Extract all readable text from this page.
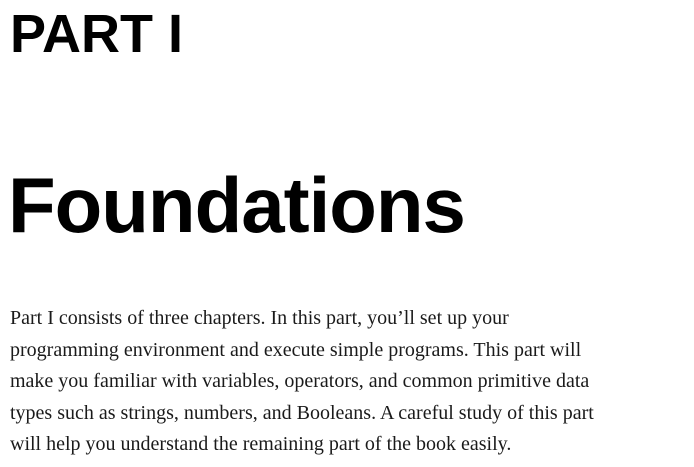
PART I
Foundations

Part I consists of three chapters. In this part, you’ll set up your
programming environment and execute simple programs. This part will
make you familiar with variables, operators, and common primitive data
types such as strings, numbers, and Booleans. A careful study of this part
will help you understand the remaining part of the book easily.
